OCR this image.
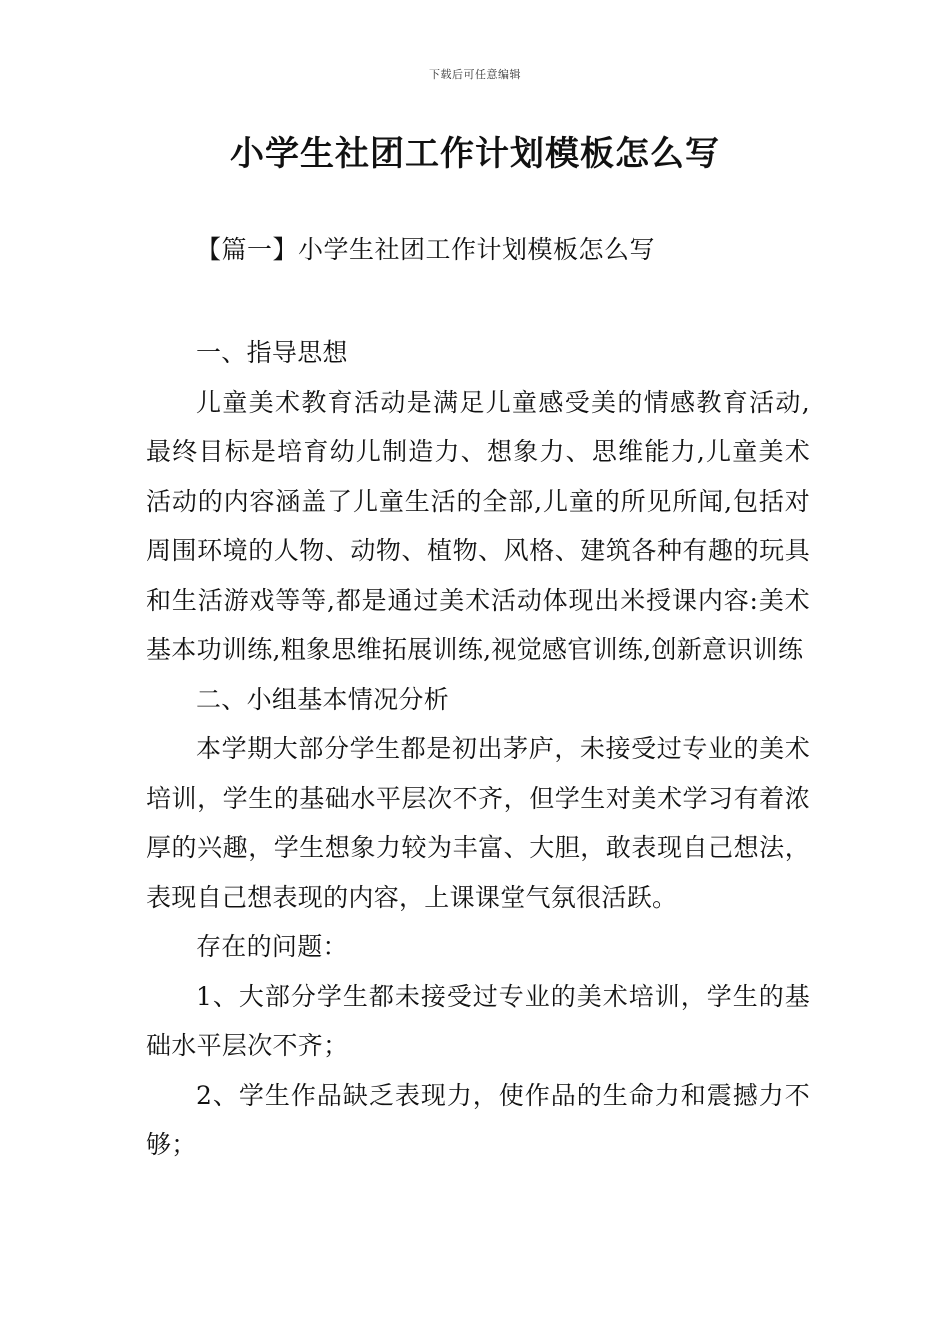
下载后可任意编辑
小学生社团工作计划模板怎么写
【篇一】小学生社团工作计划模板怎么写

一、指导思想

儿童美术教育活动是满足儿童感受美的情感教育活动,最终目标是培育幼儿制造力、想象力、思维能力,儿童美术活动的内容涵盖了儿童生活的全部,儿童的所见所闻,包括对周围环境的人物、动物、植物、风格、建筑各种有趣的玩具和生活游戏等等,都是通过美术活动体现出米授课内容:美术基本功训练,粗象思维拓展训练,视觉感官训练,创新意识训练

二、小组基本情况分析

本学期大部分学生都是初出茅庐，未接受过专业的美术培训，学生的基础水平层次不齐，但学生对美术学习有着浓厚的兴趣，学生想象力较为丰富、大胆，敢表现自己想法，表现自己想表现的内容，上课课堂气氛很活跃。

存在的问题：

1、大部分学生都未接受过专业的美术培训，学生的基础水平层次不齐；

2、学生作品缺乏表现力，使作品的生命力和震撼力不够；
